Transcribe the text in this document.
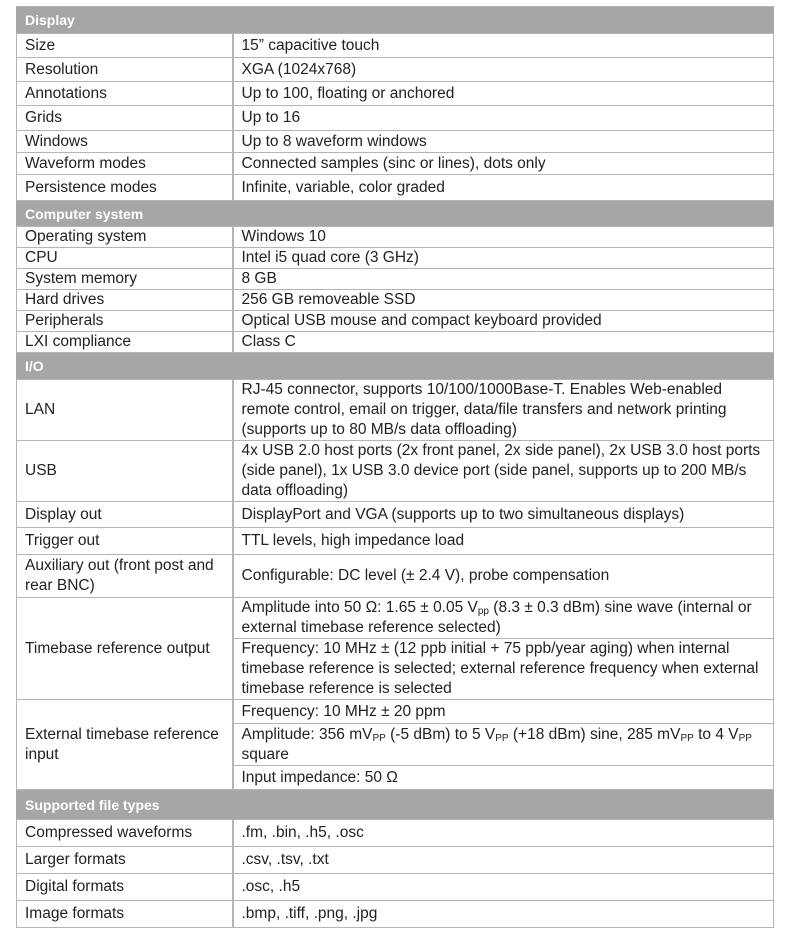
Display	
Size	15” capacitive touch
Resolution	XGA (1024x768)
Annotations	Up to 100, floating or anchored
Grids	Up to 16
Windows	Up to 8 waveform windows
Waveform modes	Connected samples (sinc or lines), dots only
Persistence modes	Infinite, variable, color graded
Computer system	
Operating system	Windows 10
CPU	Intel i5 quad core (3 GHz)
System memory	8 GB
Hard drives	256 GB removeable SSD
Peripherals	Optical USB mouse and compact keyboard provided
LXI compliance	Class C
I/O	
LAN	RJ-45 connector, supports 10/100/1000Base-T. Enables Web-enabled remote control, email on trigger, data/file transfers and network printing (supports up to 80 MB/s data offloading)
USB	4x USB 2.0 host ports (2x front panel, 2x side panel), 2x USB 3.0 host ports (side panel), 1x USB 3.0 device port (side panel, supports up to 200 MB/s data offloading)
Display out	DisplayPort and VGA (supports up to two simultaneous displays)
Trigger out	TTL levels, high impedance load
Auxiliary out (front post and rear BNC)	Configurable: DC level (± 2.4 V), probe compensation
Timebase reference output	Amplitude into 50 Ω: 1.65 ± 0.05 $V_{pp}$ (8.3 ± 0.3 dBm) sine wave (internal or external timebase reference selected)
	Frequency: 10 MHz ± (12 ppb initial + 75 ppb/year aging) when internal timebase reference is selected; external reference frequency when external timebase reference is selected
External timebase reference input	Frequency: 10 MHz ± 20 ppm
	Amplitude: 356 $mV_{PP}$ (-5 dBm) to 5 $V_{PP}$ (+18 dBm) sine, 285 $mV_{PP}$ to 4 $V_{PP}$ square
	Input impedance: 50 Ω
Supported file types	
Compressed waveforms	.fm, .bin, .h5, .osc
Larger formats	.csv, .tsv, .txt
Digital formats	.osc, .h5
Image formats	.bmp, .tiff, .png, .jpg
